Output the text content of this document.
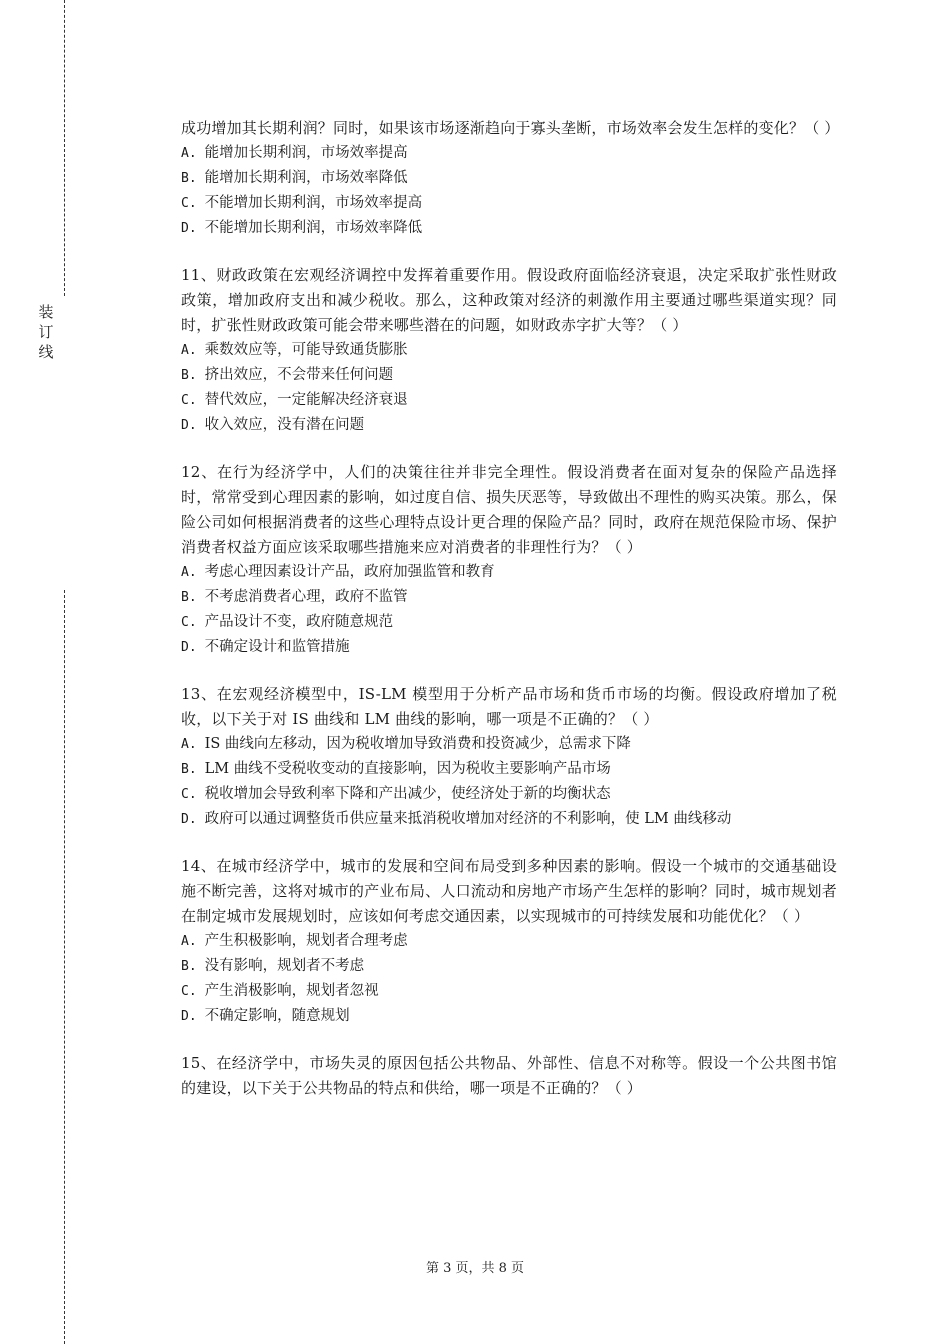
装
订
线

成功增加其长期利润？同时，如果该市场逐渐趋向于寡头垄断，市场效率会发生怎样的变化？（ ）

A. 能增加长期利润，市场效率提高

B. 能增加长期利润，市场效率降低

C. 不能增加长期利润，市场效率提高

D. 不能增加长期利润，市场效率降低

11、财政政策在宏观经济调控中发挥着重要作用。假设政府面临经济衰退，决定采取扩张性财政政策，增加政府支出和减少税收。那么，这种政策对经济的刺激作用主要通过哪些渠道实现？同时，扩张性财政政策可能会带来哪些潜在的问题，如财政赤字扩大等？（ ）

A. 乘数效应等，可能导致通货膨胀

B. 挤出效应，不会带来任何问题

C. 替代效应，一定能解决经济衰退

D. 收入效应，没有潜在问题

12、在行为经济学中，人们的决策往往并非完全理性。假设消费者在面对复杂的保险产品选择时，常常受到心理因素的影响，如过度自信、损失厌恶等，导致做出不理性的购买决策。那么，保险公司如何根据消费者的这些心理特点设计更合理的保险产品？同时，政府在规范保险市场、保护消费者权益方面应该采取哪些措施来应对消费者的非理性行为？（ ）

A. 考虑心理因素设计产品，政府加强监管和教育

B. 不考虑消费者心理，政府不监管

C. 产品设计不变，政府随意规范

D. 不确定设计和监管措施

13、在宏观经济模型中，IS-LM 模型用于分析产品市场和货币市场的均衡。假设政府增加了税收，以下关于对 IS 曲线和 LM 曲线的影响，哪一项是不正确的？（ ）

A. IS 曲线向左移动，因为税收增加导致消费和投资减少，总需求下降

B. LM 曲线不受税收变动的直接影响，因为税收主要影响产品市场

C. 税收增加会导致利率下降和产出减少，使经济处于新的均衡状态

D. 政府可以通过调整货币供应量来抵消税收增加对经济的不利影响，使 LM 曲线移动

14、在城市经济学中，城市的发展和空间布局受到多种因素的影响。假设一个城市的交通基础设施不断完善，这将对城市的产业布局、人口流动和房地产市场产生怎样的影响？同时，城市规划者在制定城市发展规划时，应该如何考虑交通因素，以实现城市的可持续发展和功能优化？（ ）

A. 产生积极影响，规划者合理考虑

B. 没有影响，规划者不考虑

C. 产生消极影响，规划者忽视

D. 不确定影响，随意规划

15、在经济学中，市场失灵的原因包括公共物品、外部性、信息不对称等。假设一个公共图书馆的建设，以下关于公共物品的特点和供给，哪一项是不正确的？（ ）

第 3 页，共 8 页
